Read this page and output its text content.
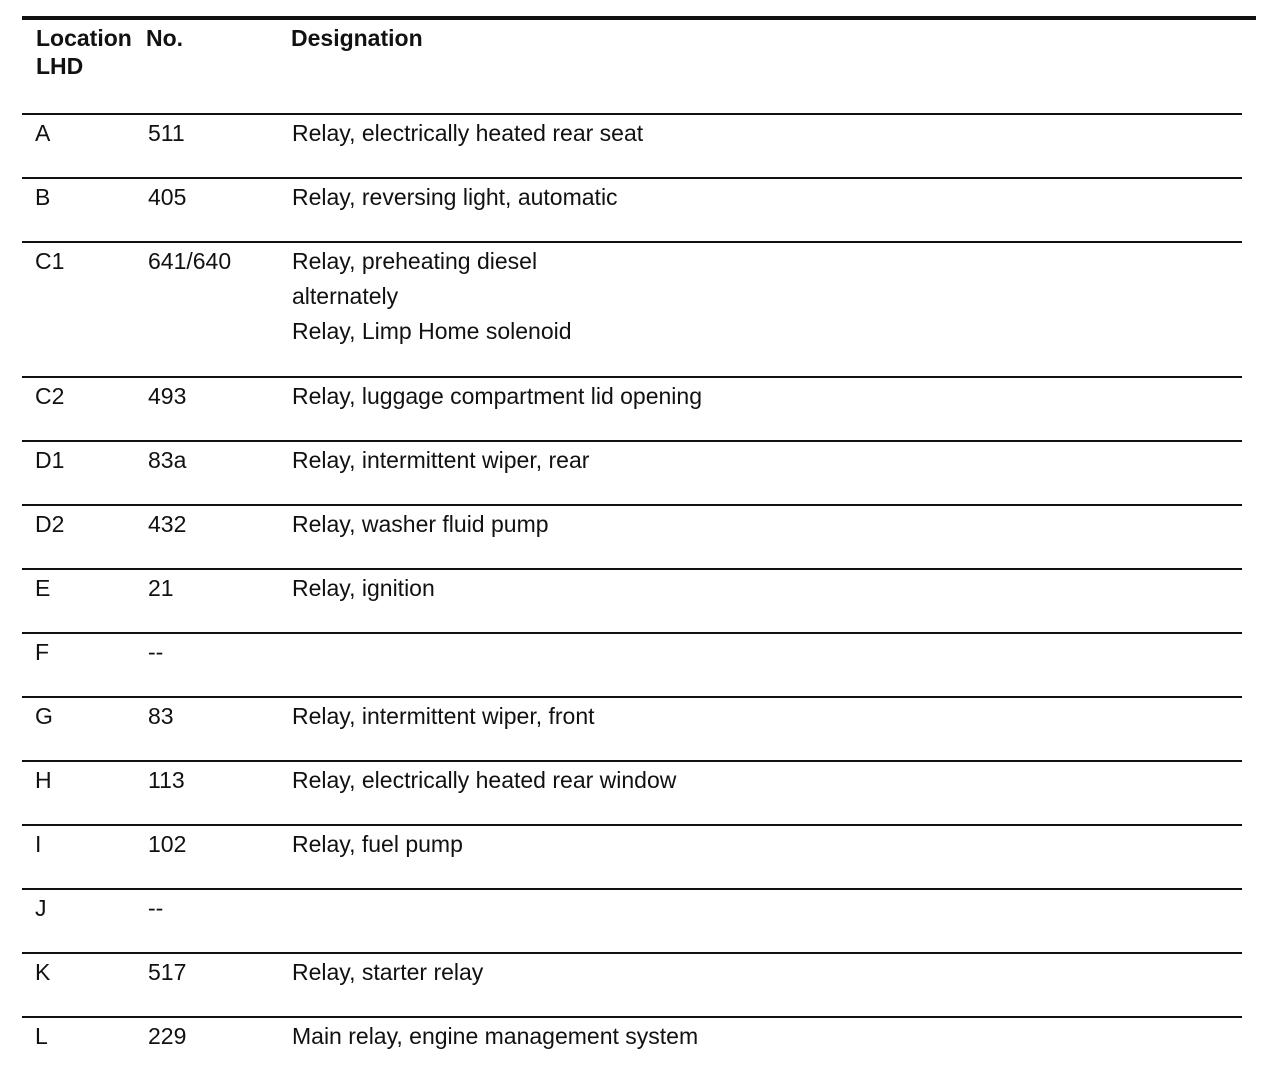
Location
LHD
No.	Designation
A	511	Relay, electrically heated rear seat
B	405	Relay, reversing light, automatic
C1	641/640	Relay, preheating diesel
alternately
Relay, Limp Home solenoid
C2	493	Relay, luggage compartment lid opening
D1	83a	Relay, intermittent wiper, rear
D2	432	Relay, washer fluid pump
E	21	Relay, ignition
F	--
G	83	Relay, intermittent wiper, front
H	113	Relay, electrically heated rear window
I	102	Relay, fuel pump
J	--
K	517	Relay, starter relay
L	229	Main relay, engine management system
